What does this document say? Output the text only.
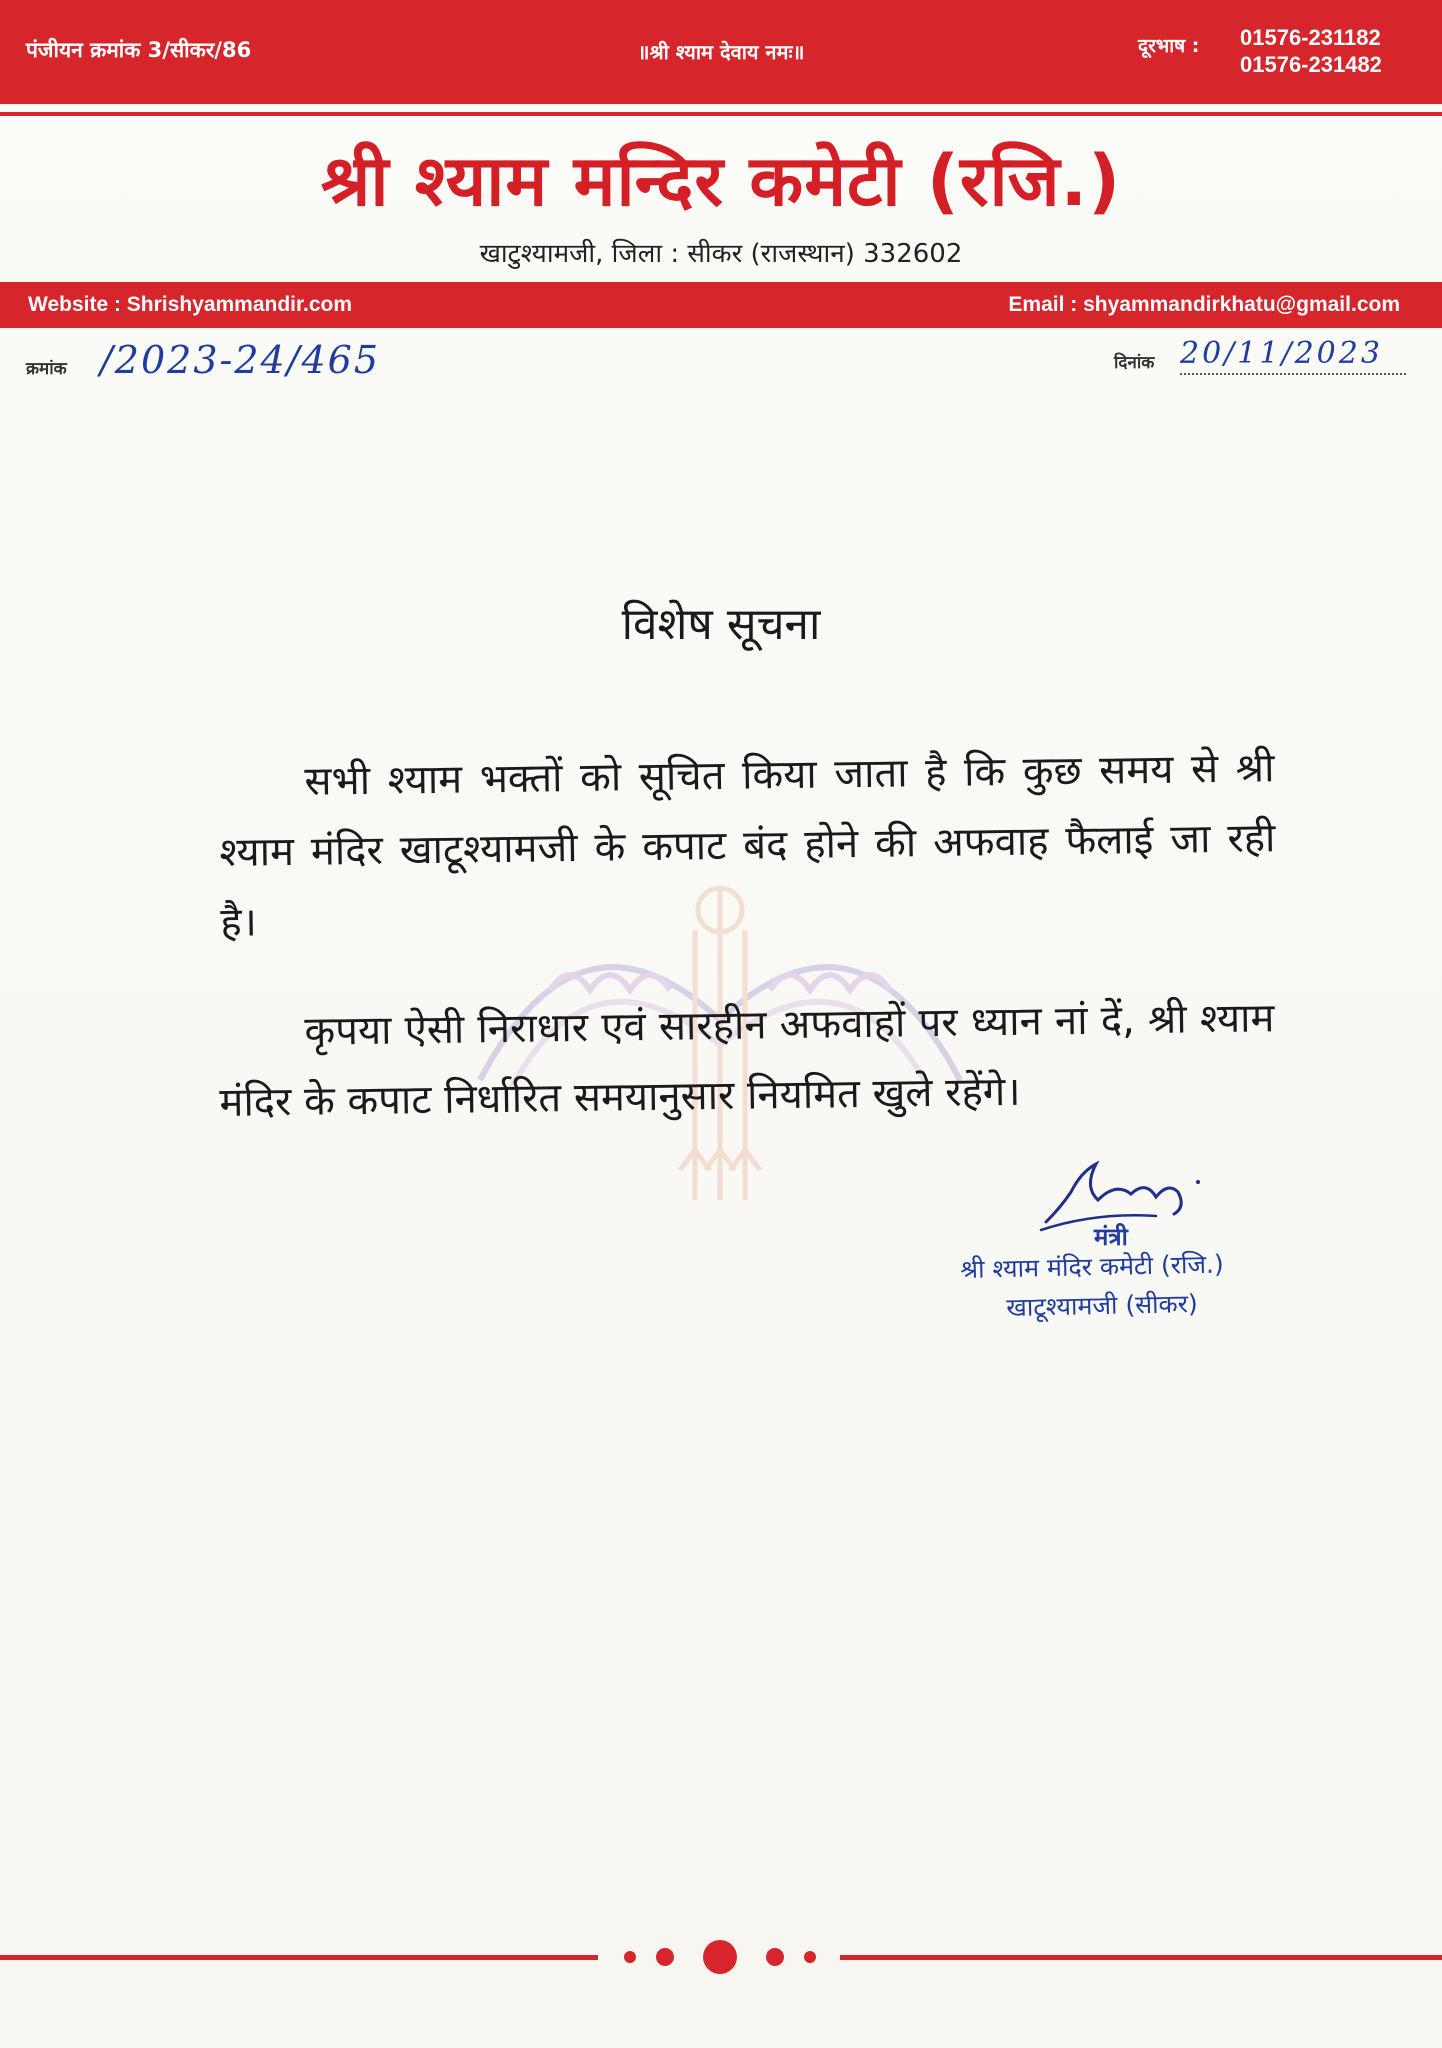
पंजीयन क्रमांक 3/सीकर/86	॥श्री श्याम देवाय नमः॥	दूरभाष : 01576-231182
01576-231482
श्री श्याम मन्दिर कमेटी (रजि.)
खाटुश्यामजी, जिला : सीकर (राजस्थान) 332602
Website : Shrishyammandir.com	Email : shyammandirkhatu@gmail.com
क्रमांक /2023-24/465	दिनांक 20/11/2023
विशेष सूचना

सभी श्याम भक्तों को सूचित किया जाता है कि कुछ समय से श्री श्याम मंदिर खाटूश्यामजी के कपाट बंद होने की अफवाह फैलाई जा रही है।

कृपया ऐसी निराधार एवं सारहीन अफवाहों पर ध्यान नां दें, श्री श्याम मंदिर के कपाट निर्धारित समयानुसार नियमित खुले रहेंगे।

मंत्री
श्री श्याम मंदिर कमेटी (रजि.)
खाटूश्यामजी (सीकर)
